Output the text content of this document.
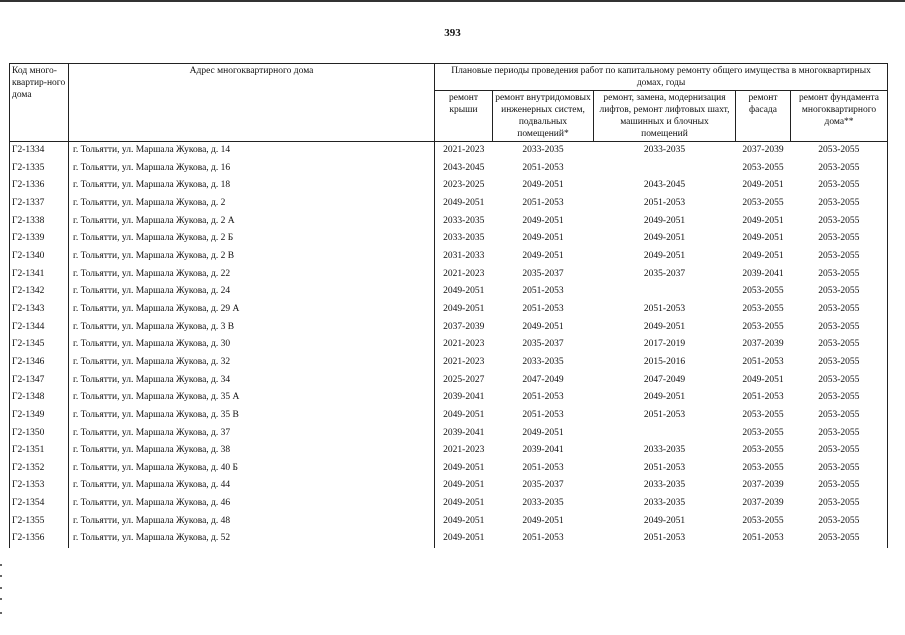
393
Код много-квартир-ного дома	Адрес многоквартирного дома	Плановые периоды проведения работ по капитальному ремонту общего имущества в многоквартирных домах, годы				
		ремонт крыши	ремонт внутридомовых инженерных систем, подвальных помещений*	ремонт, замена, модернизация лифтов, ремонт лифтовых шахт, машинных и блочных помещений	ремонт фасада	ремонт фундамента многоквартирного дома**
Г2-1334	г. Тольятти, ул. Маршала Жукова, д. 14	2021-2023	2033-2035	2033-2035	2037-2039	2053-2055
Г2-1335	г. Тольятти, ул. Маршала Жукова, д. 16	2043-2045	2051-2053		2053-2055	2053-2055
Г2-1336	г. Тольятти, ул. Маршала Жукова, д. 18	2023-2025	2049-2051	2043-2045	2049-2051	2053-2055
Г2-1337	г. Тольятти, ул. Маршала Жукова, д. 2	2049-2051	2051-2053	2051-2053	2053-2055	2053-2055
Г2-1338	г. Тольятти, ул. Маршала Жукова, д. 2 А	2033-2035	2049-2051	2049-2051	2049-2051	2053-2055
Г2-1339	г. Тольятти, ул. Маршала Жукова, д. 2 Б	2033-2035	2049-2051	2049-2051	2049-2051	2053-2055
Г2-1340	г. Тольятти, ул. Маршала Жукова, д. 2 В	2031-2033	2049-2051	2049-2051	2049-2051	2053-2055
Г2-1341	г. Тольятти, ул. Маршала Жукова, д. 22	2021-2023	2035-2037	2035-2037	2039-2041	2053-2055
Г2-1342	г. Тольятти, ул. Маршала Жукова, д. 24	2049-2051	2051-2053		2053-2055	2053-2055
Г2-1343	г. Тольятти, ул. Маршала Жукова, д. 29 А	2049-2051	2051-2053	2051-2053	2053-2055	2053-2055
Г2-1344	г. Тольятти, ул. Маршала Жукова, д. 3 В	2037-2039	2049-2051	2049-2051	2053-2055	2053-2055
Г2-1345	г. Тольятти, ул. Маршала Жукова, д. 30	2021-2023	2035-2037	2017-2019	2037-2039	2053-2055
Г2-1346	г. Тольятти, ул. Маршала Жукова, д. 32	2021-2023	2033-2035	2015-2016	2051-2053	2053-2055
Г2-1347	г. Тольятти, ул. Маршала Жукова, д. 34	2025-2027	2047-2049	2047-2049	2049-2051	2053-2055
Г2-1348	г. Тольятти, ул. Маршала Жукова, д. 35 А	2039-2041	2051-2053	2049-2051	2051-2053	2053-2055
Г2-1349	г. Тольятти, ул. Маршала Жукова, д. 35 В	2049-2051	2051-2053	2051-2053	2053-2055	2053-2055
Г2-1350	г. Тольятти, ул. Маршала Жукова, д. 37	2039-2041	2049-2051		2053-2055	2053-2055
Г2-1351	г. Тольятти, ул. Маршала Жукова, д. 38	2021-2023	2039-2041	2033-2035	2053-2055	2053-2055
Г2-1352	г. Тольятти, ул. Маршала Жукова, д. 40 Б	2049-2051	2051-2053	2051-2053	2053-2055	2053-2055
Г2-1353	г. Тольятти, ул. Маршала Жукова, д. 44	2049-2051	2035-2037	2033-2035	2037-2039	2053-2055
Г2-1354	г. Тольятти, ул. Маршала Жукова, д. 46	2049-2051	2033-2035	2033-2035	2037-2039	2053-2055
Г2-1355	г. Тольятти, ул. Маршала Жукова, д. 48	2049-2051	2049-2051	2049-2051	2053-2055	2053-2055
Г2-1356	г. Тольятти, ул. Маршала Жукова, д. 52	2049-2051	2051-2053	2051-2053	2051-2053	2053-2055
